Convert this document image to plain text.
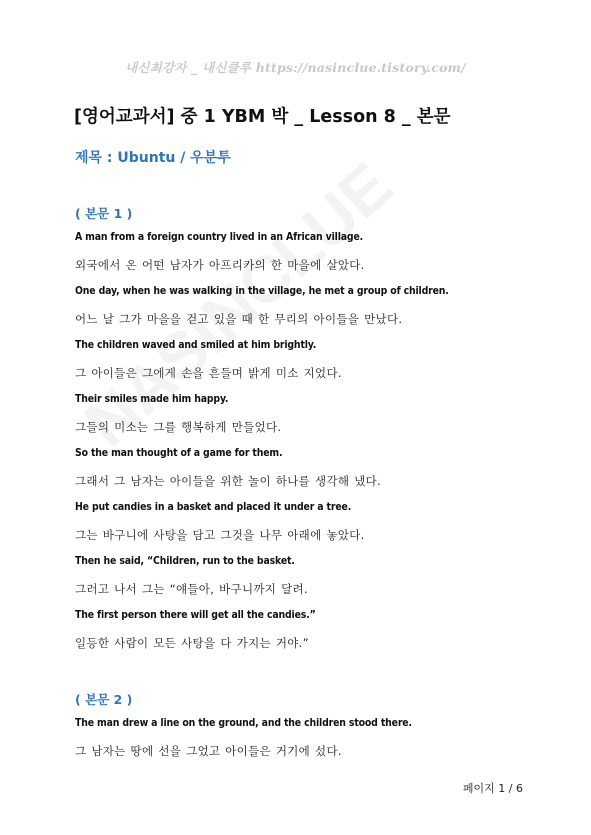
내신최강자 _ 내신클루 https://nasinclue.tistory.com/
[영어교과서] 중 1 YBM 박 _ Lesson 8 _ 본문
제목 : Ubuntu / 우분투
( 본문 1 )
A man from a foreign country lived in an African village.
외국에서 온 어떤 남자가 아프리카의 한 마을에 살았다.
One day, when he was walking in the village, he met a group of children.
어느 날 그가 마을을 걷고 있을 때 한 무리의 아이들을 만났다.
The children waved and smiled at him brightly.
그 아이들은 그에게 손을 흔들며 밝게 미소 지었다.
Their smiles made him happy.
그들의 미소는 그를 행복하게 만들었다.
So the man thought of a game for them.
그래서 그 남자는 아이들을 위한 놀이 하나를 생각해 냈다.
He put candies in a basket and placed it under a tree.
그는 바구니에 사탕을 담고 그것을 나무 아래에 놓았다.
Then he said, “Children, run to the basket.
그러고 나서 그는 “얘들아, 바구니까지 달려.
The first person there will get all the candies.”
일등한 사람이 모든 사탕을 다 가지는 거야.”
( 본문 2 )
The man drew a line on the ground, and the children stood there.
그 남자는 땅에 선을 그었고 아이들은 거기에 섰다.
페이지 1 / 6
